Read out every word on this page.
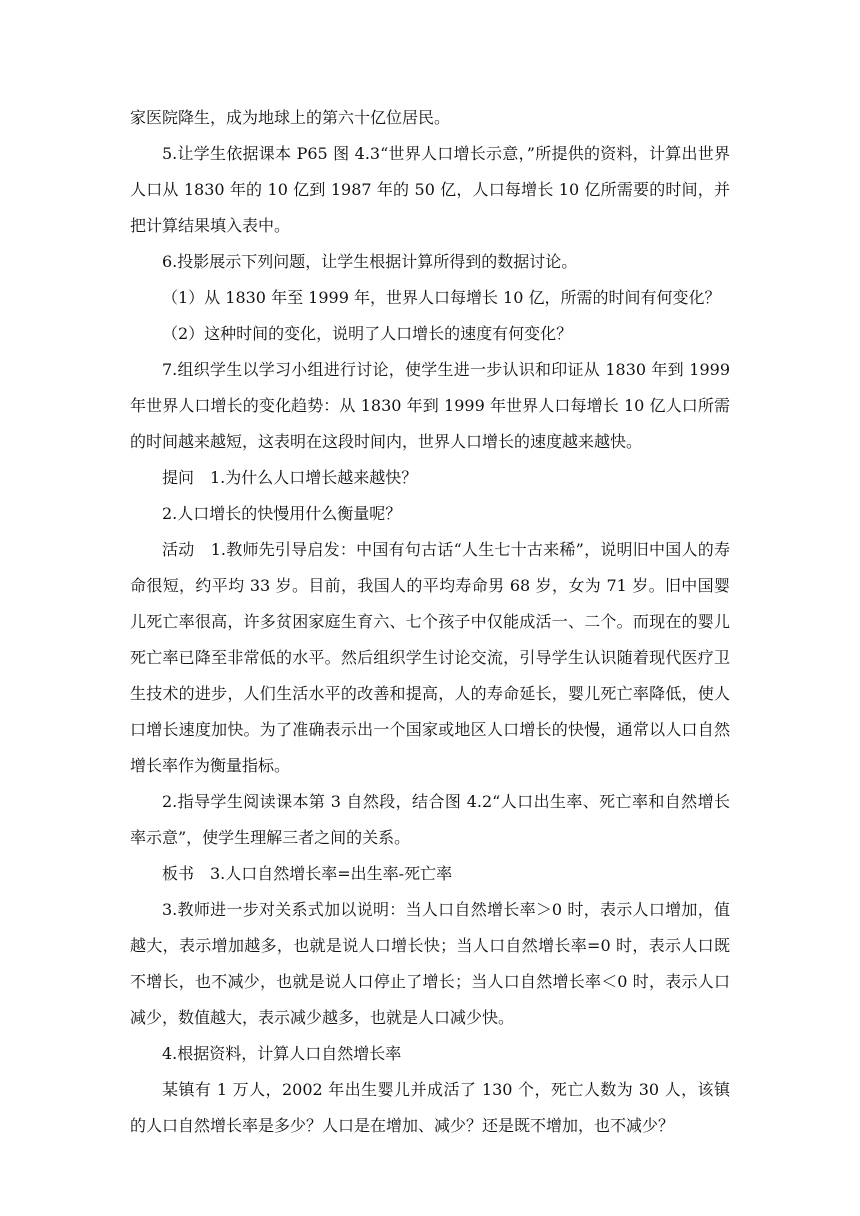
家医院降生，成为地球上的第六十亿位居民。

5.让学生依据课本 P65 图 4.3“世界人口增长示意，”所提供的资料，计算出世界人口从 1830 年的 10 亿到 1987 年的 50 亿，人口每增长 10 亿所需要的时间，并把计算结果填入表中。

6.投影展示下列问题，让学生根据计算所得到的数据讨论。

（1）从 1830 年至 1999 年，世界人口每增长 10 亿，所需的时间有何变化？

（2）这种时间的变化，说明了人口增长的速度有何变化？

7.组织学生以学习小组进行讨论，使学生进一步认识和印证从 1830 年到 1999 年世界人口增长的变化趋势：从 1830 年到 1999 年世界人口每增长 10 亿人口所需的时间越来越短，这表明在这段时间内，世界人口增长的速度越来越快。

提问　1.为什么人口增长越来越快？

2.人口增长的快慢用什么衡量呢？

活动　1.教师先引导启发：中国有句古话“人生七十古来稀”，说明旧中国人的寿命很短，约平均 33 岁。目前，我国人的平均寿命男 68 岁，女为 71 岁。旧中国婴儿死亡率很高，许多贫困家庭生育六、七个孩子中仅能成活一、二个。而现在的婴儿死亡率已降至非常低的水平。然后组织学生讨论交流，引导学生认识随着现代医疗卫生技术的进步，人们生活水平的改善和提高，人的寿命延长，婴儿死亡率降低，使人口增长速度加快。为了准确表示出一个国家或地区人口增长的快慢，通常以人口自然增长率作为衡量指标。

2.指导学生阅读课本第 3 自然段，结合图 4.2“人口出生率、死亡率和自然增长率示意”，使学生理解三者之间的关系。

板书　3.人口自然增长率=出生率-死亡率

3.教师进一步对关系式加以说明：当人口自然增长率＞0 时，表示人口增加，值越大，表示增加越多，也就是说人口增长快；当人口自然增长率=0 时，表示人口既不增长，也不减少，也就是说人口停止了增长；当人口自然增长率＜0 时，表示人口减少，数值越大，表示减少越多，也就是人口减少快。

4.根据资料，计算人口自然增长率

某镇有 1 万人，2002 年出生婴儿并成活了 130 个，死亡人数为 30 人，该镇的人口自然增长率是多少？人口是在增加、减少？还是既不增加，也不减少？
